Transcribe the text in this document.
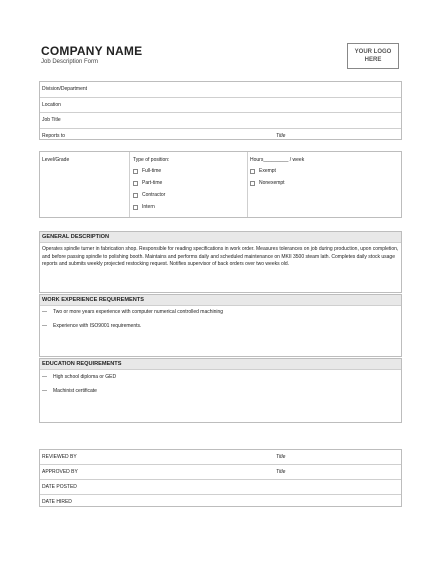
COMPANY NAME
Job Description Form
YOUR LOGO
HERE
Division/Department
Location
Job Title
Reports to	Title
Level/Grade	Type of position:
Full-time
Part-time
Contractor
Intern
Hours_________ / week
Exempt
Nonexempt
GENERAL DESCRIPTION
Operates spindle turner in fabrication shop. Responsible for reading specifications in work order. Measures tolerances on job during production, upon completion, and before passing spindle to polishing booth. Maintains and performs daily and scheduled maintenance on MKII 3500 steam lath. Completes daily stock usage reports and submits weekly projected restocking request. Notifies supervisor of back orders over two weeks old.
WORK EXPERIENCE REQUIREMENTS
— Two or more years experience with computer numerical controlled machining
— Experience with ISO9001 requirements.
EDUCATION REQUIREMENTS
— High school diploma or GED
— Machinist certificate
REVIEWED BY	Title
APPROVED BY	Title
DATE POSTED
DATE HIRED
